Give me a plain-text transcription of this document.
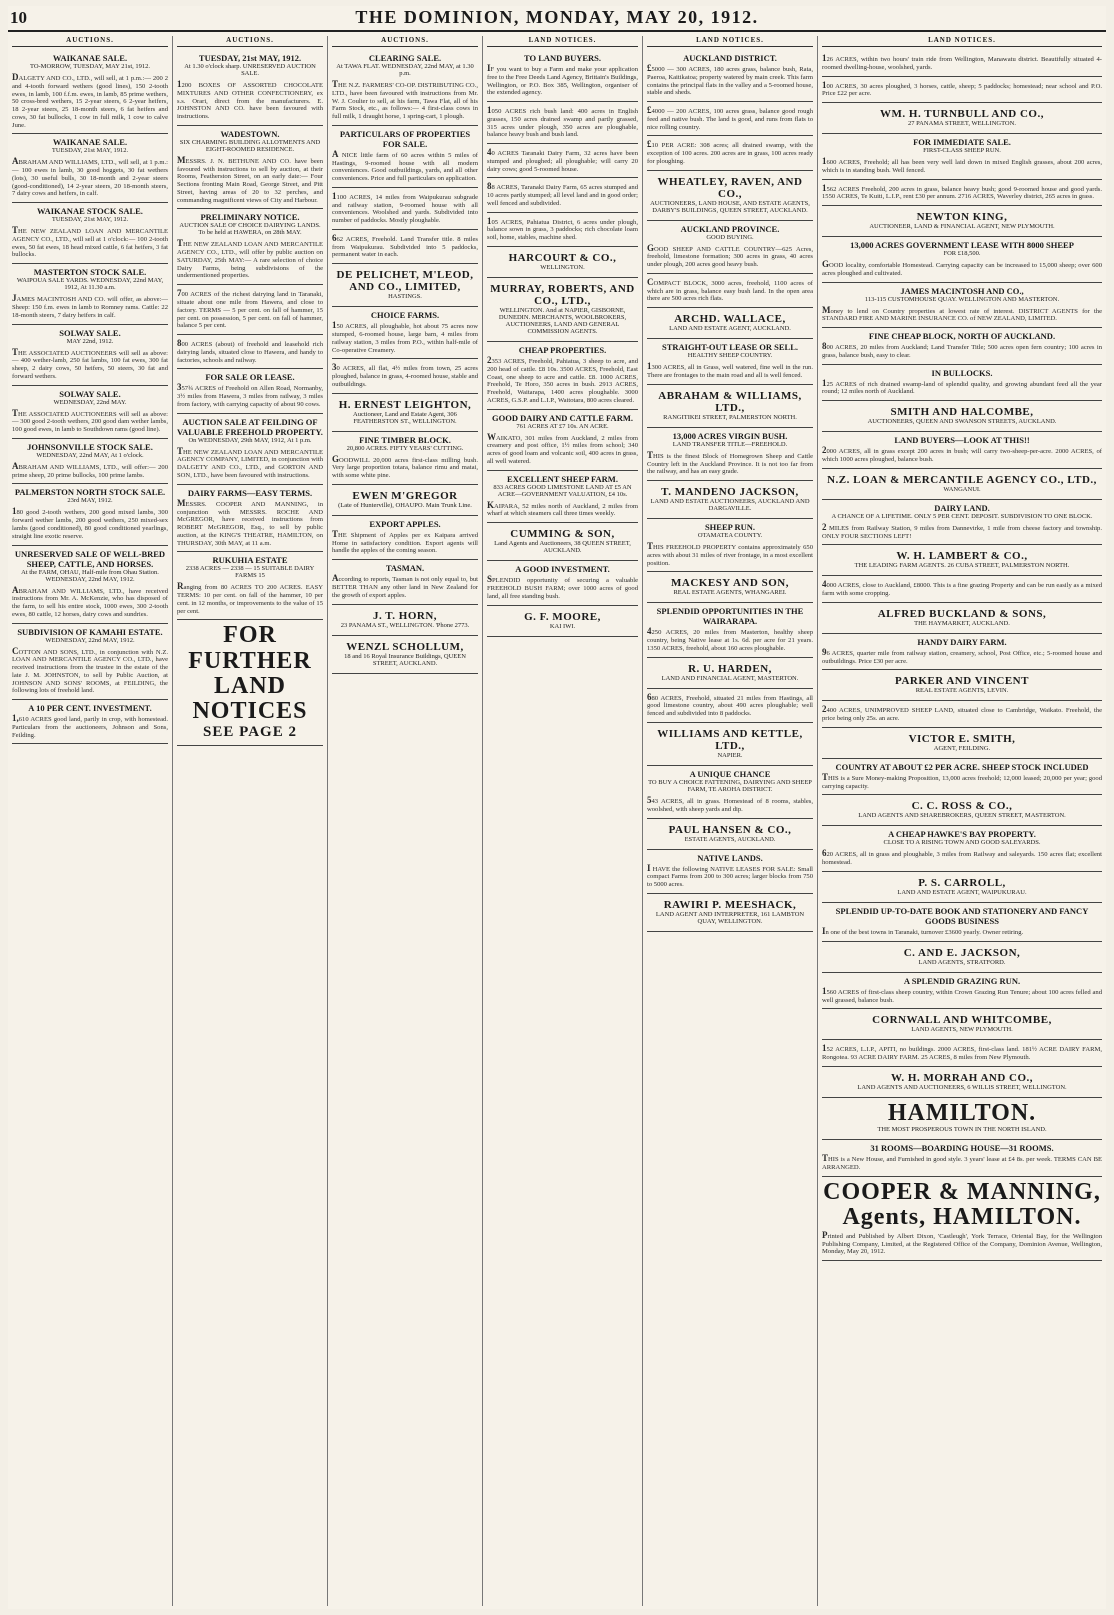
10	THE DOMINION, MONDAY, MAY 20, 1912.
AUCTIONS.
WAIKANAE SALE.
TO-MORROW, TUESDAY, MAY 21st, 1912.
DALGETY AND CO., LTD., will sell, at 1 p.m.:— 200 2 and 4-tooth forward wethers (good lines), 150 2-tooth ewes, in lamb, 100 f.f.m. ewes, in lamb, 85 prime wethers, 50 cross-bred wethers, 15 2-year steers, 6 2-year heifers, 18 2-year steers, 25 18-month steers, 6 fat heifers and cows, 30 fat bullocks, 1 cow in full milk, 1 cow to calve June.
WAIKANAE SALE.
TUESDAY, 21st MAY, 1912.
ABRAHAM AND WILLIAMS, LTD., will sell, at 1 p.m.:— 100 ewes in lamb, 30 good hoggets, 30 fat wethers (lots), 30 useful bulls, 30 18-month and 2-year steers (good-conditioned), 14 2-year steers, 20 18-month steers, 7 dairy cows and heifers, in calf.
WAIKANAE STOCK SALE.
TUESDAY, 21st MAY, 1912.
THE NEW ZEALAND LOAN AND MERCANTILE AGENCY CO., LTD., will sell at 1 o'clock:— 100 2-tooth ewes, 50 fat ewes, 18 head mixed cattle, 6 fat heifers, 3 fat bullocks.
MASTERTON STOCK SALE.
WAIPOUA SALE YARDS. WEDNESDAY, 22nd MAY, 1912, At 11.30 a.m.
JAMES MACINTOSH AND CO. will offer, as above:— Sheep: 150 f.m. ewes in lamb to Romney rams. Cattle: 22 18-month steers, 7 dairy heifers in calf.
SOLWAY SALE.
MAY 22nd, 1912.
THE ASSOCIATED AUCTIONEERS will sell as above:— 400 wether-lamb, 250 fat lambs, 100 fat ewes, 300 fat sheep, 2 dairy cows, 50 heifers, 50 steers, 30 fat and forward wethers.
SOLWAY SALE.
WEDNESDAY, 22nd MAY.
THE ASSOCIATED AUCTIONEERS will sell as above:— 300 good 2-tooth wethers, 200 good dam wether lambs, 100 good ewes, in lamb to Southdown rams (good line).
JOHNSONVILLE STOCK SALE.
WEDNESDAY, 22nd MAY, At 1 o'clock.
ABRAHAM AND WILLIAMS, LTD., will offer:— 200 prime sheep, 20 prime bullocks, 100 prime lambs.
PALMERSTON NORTH STOCK SALE.
23rd MAY, 1912.
180 good 2-tooth wethers, 200 good mixed lambs, 300 forward wether lambs, 200 good wethers, 250 mixed-sex lambs (good conditioned), 80 good conditioned yearlings, straight line exotic reserve.
UNRESERVED SALE OF WELL-BRED SHEEP, CATTLE, AND HORSES.
At the FARM, OHAU, Half-mile from Ohau Station. WEDNESDAY, 22nd MAY, 1912.
ABRAHAM AND WILLIAMS, LTD., have received instructions from Mr. A. McKenzie, who has disposed of the farm, to sell his entire stock, 1000 ewes, 300 2-tooth ewes, 80 cattle, 12 horses, dairy cows and sundries.
SUBDIVISION OF KAMAHI ESTATE.
WEDNESDAY, 22nd MAY, 1912.
COTTON AND SONS, LTD., in conjunction with N.Z. LOAN AND MERCANTILE AGENCY CO., LTD., have received instructions from the trustee in the estate of the late J. M. JOHNSTON, to sell by Public Auction, at JOHNSON AND SONS' ROOMS, at FEILDING, the following lots of freehold land.
A 10 PER CENT. INVESTMENT.
1,610 ACRES good land, partly in crop, with homestead. Particulars from the auctioneers, Johnson and Sons, Feilding.
AUCTIONS.
TUESDAY, 21st MAY, 1912.
At 1.30 o'clock sharp. UNRESERVED AUCTION SALE.
1200 BOXES OF ASSORTED CHOCOLATE MIXTURES AND OTHER CONFECTIONERY, ex s.s. Orari, direct from the manufacturers. E. JOHNSTON AND CO. have been favoured with instructions.
WADESTOWN.
SIX CHARMING BUILDING ALLOTMENTS AND EIGHT-ROOMED RESIDENCE.
MESSRS. J. N. BETHUNE AND CO. have been favoured with instructions to sell by auction, at their Rooms, Featherston Street, on an early date:— Four Sections fronting Main Road, George Street, and Pitt Street, having areas of 20 to 32 perches, and commanding magnificent views of City and Harbour.
PRELIMINARY NOTICE.
AUCTION SALE OF CHOICE DAIRYING LANDS. To be held at HAWERA, on 28th MAY.
THE NEW ZEALAND LOAN AND MERCANTILE AGENCY CO., LTD., will offer by public auction on SATURDAY, 25th MAY:— A rare selection of choice Dairy Farms, being subdivisions of the undermentioned properties.
700 ACRES of the richest dairying land in Taranaki, situate about one mile from Hawera, and close to factory. TERMS — 5 per cent. on fall of hammer, 15 per cent. on possession, 5 per cent. on fall of hammer, balance 5 per cent.
800 ACRES (about) of freehold and leasehold rich dairying lands, situated close to Hawera, and handy to factories, schools and railway.
FOR SALE OR LEASE.
357¾ ACRES of Freehold on Allen Road, Normanby, 3½ miles from Hawera, 3 miles from railway, 3 miles from factory, with carrying capacity of about 90 cows.
AUCTION SALE AT FEILDING OF VALUABLE FREEHOLD PROPERTY.
On WEDNESDAY, 29th MAY, 1912, At 1 p.m.
THE NEW ZEALAND LOAN AND MERCANTILE AGENCY COMPANY, LIMITED, in conjunction with DALGETY AND CO., LTD., and GORTON AND SON, LTD., have been favoured with instructions.
DAIRY FARMS—EASY TERMS.
MESSRS. COOPER AND MANNING, in conjunction with MESSRS. ROCHE AND McGREGOR, have received instructions from ROBERT McGREGOR, Esq., to sell by public auction, at the KING'S THEATRE, HAMILTON, on THURSDAY, 30th MAY, at 11 a.m.
RUKUHIA ESTATE
2338 ACRES — 2338 — 15 SUITABLE DAIRY FARMS 15
Ranging from 80 ACRES TO 200 ACRES. EASY TERMS: 10 per cent. on fall of the hammer, 10 per cent. in 12 months, or improvements to the value of 15 per cent.
FOR FURTHER LAND NOTICES
SEE PAGE 2
AUCTIONS.
CLEARING SALE.
At TAWA FLAT. WEDNESDAY, 22nd MAY, at 1.30 p.m.
THE N.Z. FARMERS' CO-OP. DISTRIBUTING CO., LTD., have been favoured with instructions from Mr. W. J. Coulter to sell, at his farm, Tawa Flat, all of his Farm Stock, etc., as follows:— 4 first-class cows in full milk, 1 draught horse, 1 spring-cart, 1 plough.
PARTICULARS OF PROPERTIES FOR SALE.
A NICE little farm of 60 acres within 5 miles of Hastings, 9-roomed house with all modern conveniences. Good outbuildings, yards, and all other conveniences. Price and full particulars on application.
1100 ACRES, 14 miles from Waipukurau subgrade and railway station, 9-roomed house with all conveniences. Woolshed and yards. Subdivided into number of paddocks. Mostly ploughable.
662 ACRES, Freehold. Land Transfer title. 8 miles from Waipukurau. Subdivided into 5 paddocks, permanent water in each.
DE PELICHET, M'LEOD, AND CO., LIMITED,
HASTINGS.
CHOICE FARMS.
150 ACRES, all ploughable, hot about 75 acres now stumped, 6-roomed house, large barn, 4 miles from railway station, 3 miles from P.O., within half-mile of Co-operative Creamery.
30 ACRES, all flat, 4½ miles from town, 25 acres ploughed, balance in grass, 4-roomed house, stable and outbuildings.
H. ERNEST LEIGHTON,
Auctioneer, Land and Estate Agent, 306 FEATHERSTON ST., WELLINGTON.
FINE TIMBER BLOCK.
20,800 ACRES. FIFTY YEARS' CUTTING.
GOODWILL 20,000 acres first-class milling bush. Very large proportion totara, balance rimu and matai, with some white pine.
EWEN M'GREGOR
(Late of Hunterville), OHAUPO. Main Trunk Line.
EXPORT APPLES.
THE Shipment of Apples per ex Kaipara arrived Home in satisfactory condition. Export agents will handle the apples of the coming season.
TASMAN.
According to reports, Tasman is not only equal to, but BETTER THAN any other land in New Zealand for the growth of export apples.
J. T. HORN,
23 PANAMA ST., WELLINGTON. 'Phone 2773.
WENZL SCHOLLUM,
18 and 16 Royal Insurance Buildings, QUEEN STREET, AUCKLAND.
LAND NOTICES.
TO LAND BUYERS.
IF you want to buy a Farm and make your application free to the Free Deeds Land Agency, Brittain's Buildings, Wellington, or P.O. Box 385, Wellington, organiser of the extended agency.
1050 ACRES rich bush land: 400 acres in English grasses, 150 acres drained swamp and partly grassed, 315 acres under plough, 350 acres are ploughable, balance heavy bush and bush land.
40 ACRES Taranaki Dairy Farm, 32 acres have been stumped and ploughed; all ploughable; will carry 20 dairy cows; good 5-roomed house.
88 ACRES, Taranaki Dairy Farm, 65 acres stumped and 10 acres partly stumped; all level land and in good order; well fenced and subdivided.
105 ACRES, Pahiatua District, 6 acres under plough, balance sown in grass, 3 paddocks; rich chocolate loam soil, home, stables, machine shed.
HARCOURT & CO.,
WELLINGTON.
MURRAY, ROBERTS, AND CO., LTD.,
WELLINGTON. And at NAPIER, GISBORNE, DUNEDIN. MERCHANTS, WOOLBROKERS, AUCTIONEERS, LAND AND GENERAL COMMISSION AGENTS.
CHEAP PROPERTIES.
2353 ACRES, Freehold, Pahiatua, 3 sheep to acre, and 200 head of cattle. £8 10s. 3500 ACRES, Freehold, East Coast, one sheep to acre and cattle. £8. 1000 ACRES, Freehold, Te Horo, 350 acres in bush. 2913 ACRES, Freehold, Waitarapa, 1400 acres ploughable. 3000 ACRES, G.S.P. and L.I.P., Waitotara, 800 acres cleared.
GOOD DAIRY AND CATTLE FARM.
761 ACRES AT £7 10s. AN ACRE.
WAIKATO, 301 miles from Auckland, 2 miles from creamery and post office, 1½ miles from school; 340 acres of good loam and volcanic soil, 400 acres in grass, all well watered.
EXCELLENT SHEEP FARM.
833 ACRES GOOD LIMESTONE LAND AT £5 AN ACRE—GOVERNMENT VALUATION, £4 10s.
KAIPARA, 52 miles north of Auckland, 2 miles from wharf at which steamers call three times weekly.
CUMMING & SON,
Land Agents and Auctioneers, 38 QUEEN STREET, AUCKLAND.
A GOOD INVESTMENT.
SPLENDID opportunity of securing a valuable FREEHOLD BUSH FARM; over 1000 acres of good land, all free standing bush.
G. F. MOORE,
KAI IWI.
LAND NOTICES.
AUCKLAND DISTRICT.
£5000 — 300 ACRES, 180 acres grass, balance bush, Rata, Paeroa, Kaitikatoa; property watered by main creek. This farm contains the principal flats in the valley and a 5-roomed house, stable and sheds.
£4000 — 200 ACRES, 100 acres grass, balance good rough feed and native bush. The land is good, and runs from flats to nice rolling country.
£10 PER ACRE: 308 acres; all drained swamp, with the exception of 100 acres. 200 acres are in grass, 100 acres ready for ploughing.
WHEATLEY, RAVEN, AND CO.,
AUCTIONEERS, LAND HOUSE, AND ESTATE AGENTS, DARBY'S BUILDINGS, QUEEN STREET, AUCKLAND.
AUCKLAND PROVINCE.
GOOD BUYING.
GOOD SHEEP AND CATTLE COUNTRY—625 Acres, freehold, limestone formation; 300 acres in grass, 40 acres under plough, 200 acres good heavy bush.
COMPACT BLOCK, 3000 acres, freehold, 1100 acres of which are in grass, balance easy bush land. In the open area there are 500 acres rich flats.
ARCHD. WALLACE,
LAND AND ESTATE AGENT, AUCKLAND.
STRAIGHT-OUT LEASE OR SELL.
HEALTHY SHEEP COUNTRY.
1300 ACRES, all in Grass, well watered, fine well in the run. There are frontages to the main road and all is well fenced.
ABRAHAM & WILLIAMS, LTD.,
RANGITIKEI STREET, PALMERSTON NORTH.
13,000 ACRES VIRGIN BUSH.
LAND TRANSFER TITLE—FREEHOLD.
THIS is the finest Block of Homegrown Sheep and Cattle Country left in the Auckland Province. It is not too far from the railway, and has an easy grade.
T. MANDENO JACKSON,
LAND AND ESTATE AUCTIONEERS, AUCKLAND AND DARGAVILLE.
SHEEP RUN.
OTAMATEA COUNTY.
THIS FREEHOLD PROPERTY contains approximately 650 acres with about 31 miles of river frontage, in a most excellent position.
MACKESY AND SON,
REAL ESTATE AGENTS, WHANGAREI.
SPLENDID OPPORTUNITIES IN THE WAIRARAPA.
4250 ACRES, 20 miles from Masterton, healthy sheep country, being Native lease at 1s. 6d. per acre for 21 years. 1350 ACRES, freehold, about 160 acres ploughable.
R. U. HARDEN,
LAND AND FINANCIAL AGENT, MASTERTON.
680 ACRES, Freehold, situated 21 miles from Hastings, all good limestone country, about 490 acres ploughable; well fenced and subdivided into 8 paddocks.
WILLIAMS AND KETTLE, LTD.,
NAPIER.
A UNIQUE CHANCE
TO BUY A CHOICE FATTENING, DAIRYING AND SHEEP FARM, TE AROHA DISTRICT.
543 ACRES, all in grass. Homestead of 8 rooms, stables, woolshed, with sheep yards and dip.
PAUL HANSEN & CO.,
ESTATE AGENTS, AUCKLAND.
NATIVE LANDS.
I HAVE the following NATIVE LEASES FOR SALE: Small compact Farms from 200 to 300 acres; larger blocks from 750 to 5000 acres.
RAWIRI P. MEESHACK,
LAND AGENT AND INTERPRETER, 161 LAMBTON QUAY, WELLINGTON.
LAND NOTICES.
126 ACRES, within two hours' train ride from Wellington, Manawatu district. Beautifully situated 4-roomed dwelling-house, woolshed, yards.
100 ACRES, 30 acres ploughed, 3 horses, cattle, sheep; 5 paddocks; homestead; near school and P.O. Price £22 per acre.
WM. H. TURNBULL AND CO.,
27 PANAMA STREET, WELLINGTON.
FOR IMMEDIATE SALE.
FIRST-CLASS SHEEP RUN.
1600 ACRES, Freehold; all has been very well laid down in mixed English grasses, about 200 acres, which is in standing bush. Well fenced.
1562 ACRES Freehold, 200 acres in grass, balance heavy bush; good 9-roomed house and good yards. 1550 ACRES, Te Kuiti, L.I.P., rent £30 per annum. 2716 ACRES, Waverley district, 265 acres in grass.
NEWTON KING,
AUCTIONEER, LAND & FINANCIAL AGENT, NEW PLYMOUTH.
13,000 ACRES GOVERNMENT LEASE WITH 8000 SHEEP
FOR £18,500.
GOOD locality, comfortable Homestead. Carrying capacity can be increased to 15,000 sheep; over 600 acres ploughed and cultivated.
JAMES MACINTOSH AND CO.,
113-115 CUSTOMHOUSE QUAY. WELLINGTON AND MASTERTON.
Money to lend on Country properties at lowest rate of interest. DISTRICT AGENTS for the STANDARD FIRE AND MARINE INSURANCE CO. of NEW ZEALAND, LIMITED.
FINE CHEAP BLOCK, NORTH OF AUCKLAND.
800 ACRES, 20 miles from Auckland; Land Transfer Title; 500 acres open fern country; 100 acres in grass, balance bush, easy to clear.
IN BULLOCKS.
125 ACRES of rich drained swamp-land of splendid quality, and growing abundant feed all the year round; 12 miles north of Auckland.
SMITH AND HALCOMBE,
AUCTIONEERS, QUEEN AND SWANSON STREETS, AUCKLAND.
LAND BUYERS—LOOK AT THIS!!
2000 ACRES, all in grass except 200 acres in bush; will carry two-sheep-per-acre. 2000 ACRES, of which 1000 acres ploughed, balance bush.
N.Z. LOAN & MERCANTILE AGENCY CO., LTD.,
WANGANUI.
DAIRY LAND.
A CHANCE OF A LIFETIME. ONLY 5 PER CENT. DEPOSIT. SUBDIVISION TO ONE BLOCK.
2 MILES from Railway Station, 9 miles from Dannevirke, 1 mile from cheese factory and township. ONLY FOUR SECTIONS LEFT!
W. H. LAMBERT & CO.,
THE LEADING FARM AGENTS. 26 CUBA STREET, PALMERSTON NORTH.
4000 ACRES, close to Auckland, £8000. This is a fine grazing Property and can be run easily as a mixed farm with some cropping.
ALFRED BUCKLAND & SONS,
THE HAYMARKET, AUCKLAND.
HANDY DAIRY FARM.
96 ACRES, quarter mile from railway station, creamery, school, Post Office, etc.; 5-roomed house and outbuildings. Price £30 per acre.
PARKER AND VINCENT
REAL ESTATE AGENTS, LEVIN.
2400 ACRES, UNIMPROVED SHEEP LAND, situated close to Cambridge, Waikato. Freehold, the price being only 25s. an acre.
VICTOR E. SMITH,
AGENT, FEILDING.
COUNTRY AT ABOUT £2 PER ACRE. SHEEP STOCK INCLUDED
THIS is a Sure Money-making Proposition, 13,000 acres freehold; 12,000 leased; 20,000 per year; good carrying capacity.
C. C. ROSS & CO.,
LAND AGENTS AND SHAREBROKERS, QUEEN STREET, MASTERTON.
A CHEAP HAWKE'S BAY PROPERTY.
CLOSE TO A RISING TOWN AND GOOD SALEYARDS.
620 ACRES, all in grass and ploughable, 3 miles from Railway and saleyards. 150 acres flat; excellent homestead.
P. S. CARROLL,
LAND AND ESTATE AGENT, WAIPUKURAU.
SPLENDID UP-TO-DATE BOOK AND STATIONERY AND FANCY GOODS BUSINESS
In one of the best towns in Taranaki, turnover £3600 yearly. Owner retiring.
C. AND E. JACKSON,
LAND AGENTS, STRATFORD.
A SPLENDID GRAZING RUN.
1560 ACRES of first-class sheep country, within Crown Grazing Run Tenure; about 100 acres felled and well grassed, balance bush.
CORNWALL AND WHITCOMBE,
LAND AGENTS, NEW PLYMOUTH.
152 ACRES, L.I.P., APITI, no buildings. 2000 ACRES, first-class land. 181½ ACRE DAIRY FARM, Rongotea. 93 ACRE DAIRY FARM. 25 ACRES, 8 miles from New Plymouth.
W. H. MORRAH AND CO.,
LAND AGENTS AND AUCTIONEERS, 6 WILLIS STREET, WELLINGTON.
HAMILTON.
THE MOST PROSPEROUS TOWN IN THE NORTH ISLAND.
31 ROOMS—BOARDING HOUSE—31 ROOMS.
THIS is a New House, and Furnished in good style. 3 years' lease at £4 8s. per week. TERMS CAN BE ARRANGED.
COOPER & MANNING, Agents, HAMILTON.
Printed and Published by Albert Dixon, 'Castleugh', York Terrace, Oriental Bay, for the Wellington Publishing Company, Limited, at the Registered Office of the Company, Dominion Avenue, Wellington, Monday, May 20, 1912.
